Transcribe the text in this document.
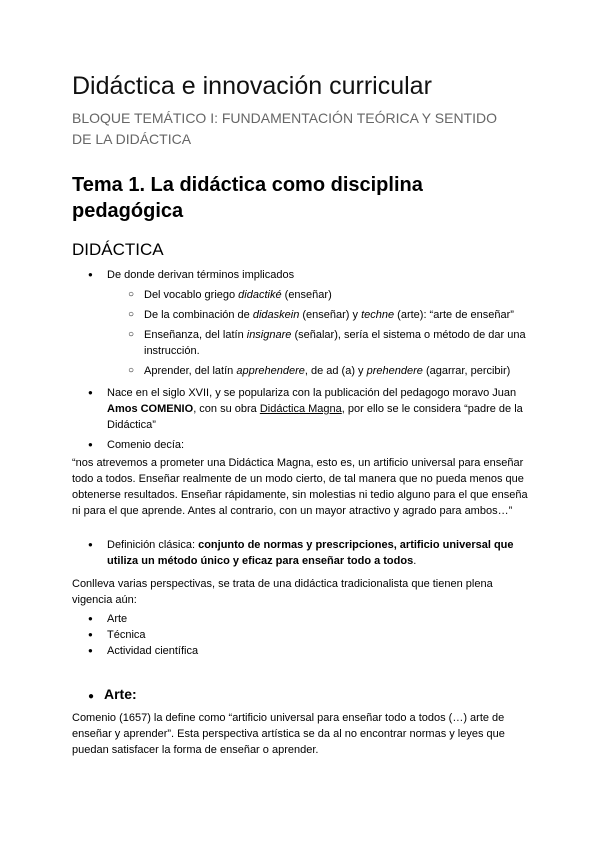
Didáctica e innovación curricular
BLOQUE TEMÁTICO I: FUNDAMENTACIÓN TEÓRICA Y SENTIDO DE LA DIDÁCTICA
Tema 1. La didáctica como disciplina pedagógica
DIDÁCTICA
● De donde derivan términos implicados
○ Del vocablo griego didactiké (enseñar)
○ De la combinación de didaskein (enseñar) y techne (arte): “arte de enseñar”
○ Enseñanza, del latín insignare (señalar), sería el sistema o método de dar una instrucción.
○ Aprender, del latín apprehendere, de ad (a) y prehendere (agarrar, percibir)
● Nace en el siglo XVII, y se populariza con la publicación del pedagogo moravo Juan Amos COMENIO, con su obra Didáctica Magna, por ello se le considera “padre de la Didáctica”
● Comenio decía:
“nos atrevemos a prometer una Didáctica Magna, esto es, un artificio universal para enseñar todo a todos. Enseñar realmente de un modo cierto, de tal manera que no pueda menos que obtenerse resultados. Enseñar rápidamente, sin molestias ni tedio alguno para el que enseña ni para el que aprende. Antes al contrario, con un mayor atractivo y agrado para ambos…”
● Definición clásica: conjunto de normas y prescripciones, artificio universal que utiliza un método único y eficaz para enseñar todo a todos.
Conlleva varias perspectivas, se trata de una didáctica tradicionalista que tienen plena vigencia aún:
● Arte
● Técnica
● Actividad científica
● Arte:
Comenio (1657) la define como “artificio universal para enseñar todo a todos (…) arte de enseñar y aprender”. Esta perspectiva artística se da al no encontrar normas y leyes que puedan satisfacer la forma de enseñar o aprender.
